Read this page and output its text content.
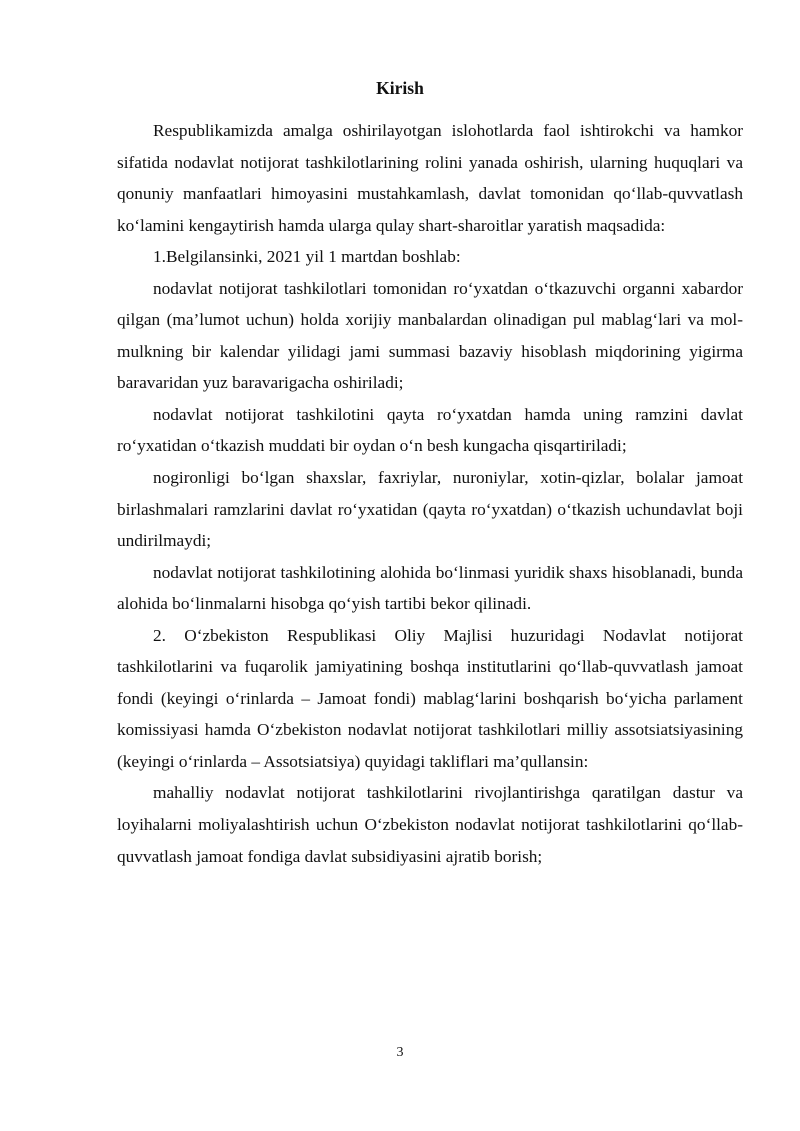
Kirish

Respublikamizda amalga oshirilayotgan islohotlarda faol ishtirokchi va hamkor sifatida nodavlat notijorat tashkilotlarining rolini yanada oshirish, ularning huquqlari va qonuniy manfaatlari himoyasini mustahkamlash, davlat tomonidan qo‘llab-quvvatlash ko‘lamini kengaytirish hamda ularga qulay shart-sharoitlar yaratish maqsadida:

1.Belgilansinki, 2021 yil 1 martdan boshlab:

nodavlat notijorat tashkilotlari tomonidan ro‘yxatdan o‘tkazuvchi organni xabardor qilgan (ma’lumot uchun) holda xorijiy manbalardan olinadigan pul mablag‘lari va mol-mulkning bir kalendar yilidagi jami summasi bazaviy hisoblash miqdorining yigirma baravaridan yuz baravarigacha oshiriladi;

nodavlat notijorat tashkilotini qayta ro‘yxatdan hamda uning ramzini davlat ro‘yxatidan o‘tkazish muddati bir oydan o‘n besh kungacha qisqartiriladi;

nogironligi bo‘lgan shaxslar, faxriylar, nuroniylar, xotin-qizlar, bolalar jamoat birlashmalari ramzlarini davlat ro‘yxatidan (qayta ro‘yxatdan) o‘tkazish uchundavlat boji undirilmaydi;

nodavlat notijorat tashkilotining alohida bo‘linmasi yuridik shaxs hisoblanadi, bunda alohida bo‘linmalarni hisobga qo‘yish tartibi bekor qilinadi.

2. O‘zbekiston Respublikasi Oliy Majlisi huzuridagi Nodavlat notijorat tashkilotlarini va fuqarolik jamiyatining boshqa institutlarini qo‘llab-quvvatlash jamoat fondi (keyingi o‘rinlarda – Jamoat fondi) mablag‘larini boshqarish bo‘yicha parlament komissiyasi hamda O‘zbekiston nodavlat notijorat tashkilotlari milliy assotsiatsiyasining (keyingi o‘rinlarda – Assotsiatsiya) quyidagi takliflari ma’qullansin:

mahalliy nodavlat notijorat tashkilotlarini rivojlantirishga qaratilgan dastur va loyihalarni moliyalashtirish uchun O‘zbekiston nodavlat notijorat tashkilotlarini qo‘llab-quvvatlash jamoat fondiga davlat subsidiyasini ajratib borish;

3
